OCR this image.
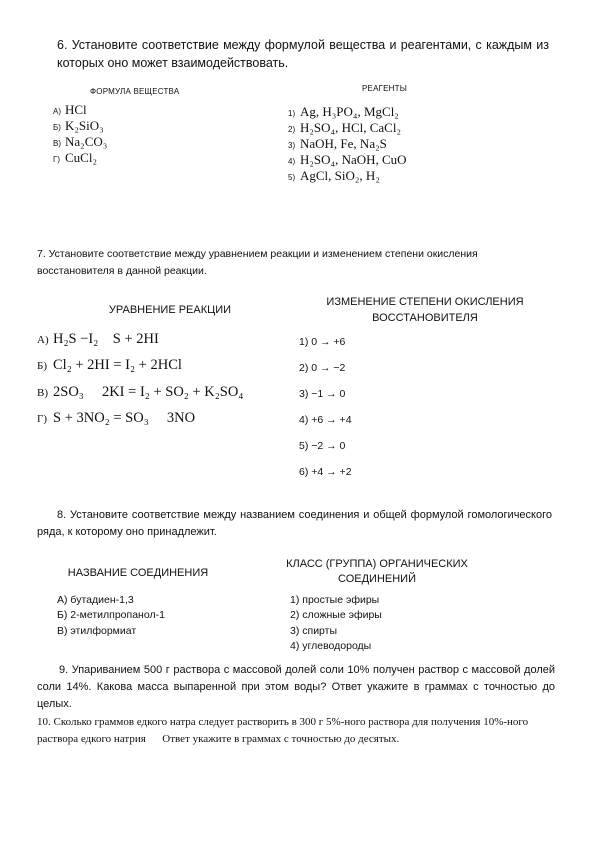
6. Установите соответствие между формулой вещества и реагентами, с каждым из которых оно может взаимодействовать.
ФОРМУЛА ВЕЩЕСТВА	РЕАГЕНТЫ
А) HCl
Б) K₂SiO₃
В) Na₂CO₃
Г) CuCl₂
1) Ag, H₃PO₄, MgCl₂
2) H₂SO₄, HCl, CaCl₂
3) NaOH, Fe, Na₂S
4) H₂SO₄, NaOH, CuO
5) AgCl, SiO₂, H₂
7. Установите соответствие между уравнением реакции и изменением степени окисления восстановителя в данной реакции.
УРАВНЕНИЕ РЕАКЦИИ
ИЗМЕНЕНИЕ СТЕПЕНИ ОКИСЛЕНИЯ
ВОССТАНОВИТЕЛЯ
А) H₂S −I₂    S + 2HI
Б) Cl₂ + 2HI = I₂ + 2HCl
В) 2SO₃     2KI = I₂ + SO₂ + K₂SO₄
Г) S + 3NO₂ = SO₃     3NO
1) 0 → +6
2) 0 → −2
3) −1 → 0
4) +6 → +4
5) −2 → 0
6) +4 → +2
8. Установите соответствие между названием соединения и общей формулой гомологического ряда, к которому оно принадлежит.
НАЗВАНИЕ СОЕДИНЕНИЯ
КЛАСС (ГРУППА) ОРГАНИЧЕСКИХ
СОЕДИНЕНИЙ
А) бутадиен-1,3
Б) 2-метилпропанол-1
В) этилформиат
1) простые эфиры
2) сложные эфиры
3) спирты
4) углеводороды
9. Упариванием 500 г раствора с массовой долей соли 10% получен раствор с массовой долей соли 14%. Какова масса выпаренной при этом воды? Ответ укажите в граммах с точностью до целых.
10. Сколько граммов едкого натра следует растворить в 300 г 5%-ного раствора для получения 10%-ного раствора едкого натрия      Ответ укажите в граммах с точностью до десятых.
